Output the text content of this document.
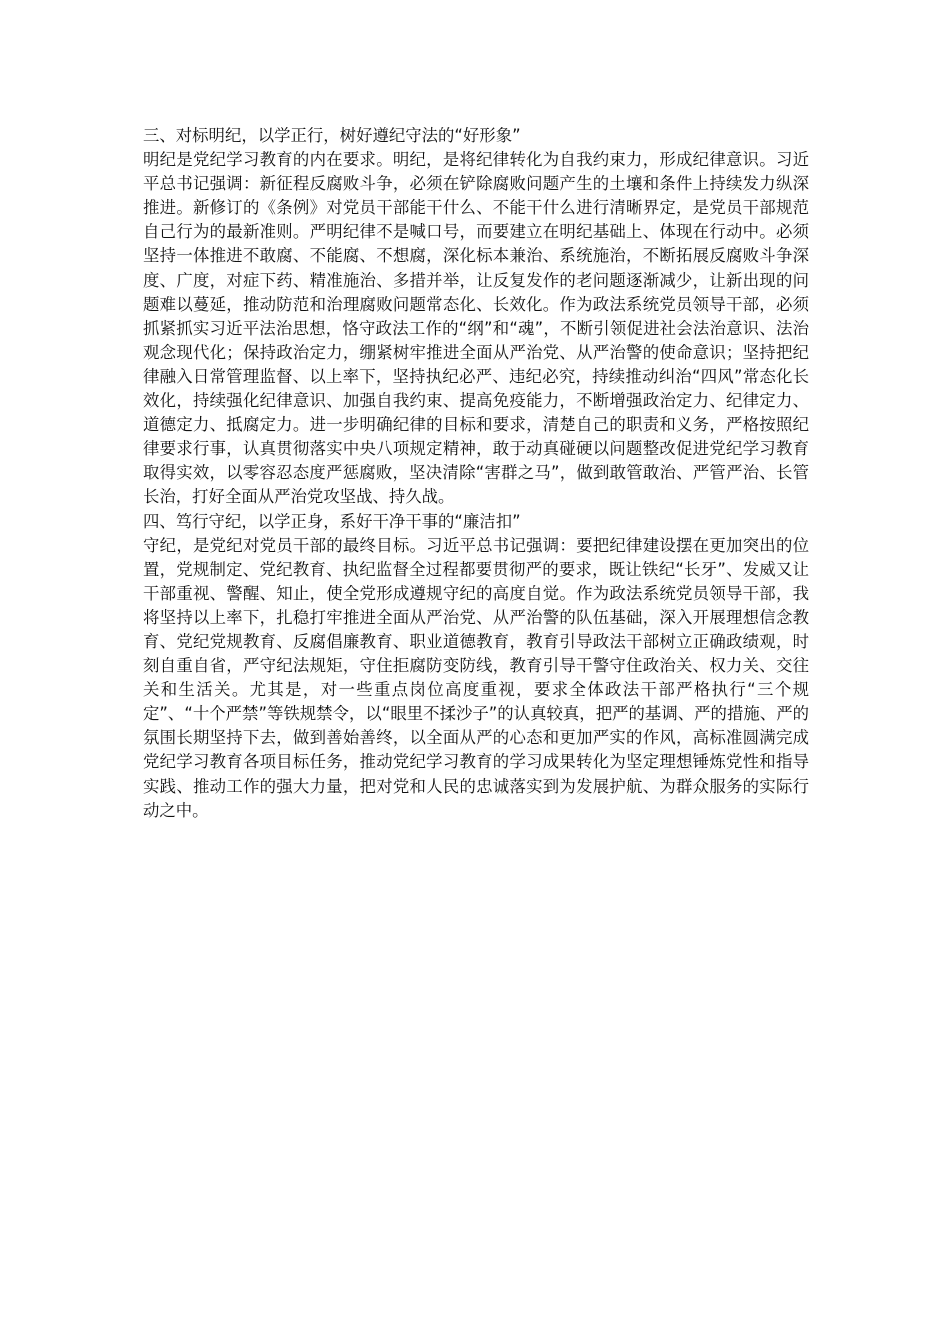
三、对标明纪，以学正行，树好遵纪守法的“好形象”

明纪是党纪学习教育的内在要求。明纪，是将纪律转化为自我约束力，形成纪律意识。习近平总书记强调：新征程反腐败斗争，必须在铲除腐败问题产生的土壤和条件上持续发力纵深推进。新修订的《条例》对党员干部能干什么、不能干什么进行清晰界定，是党员干部规范自己行为的最新准则。严明纪律不是喊口号，而要建立在明纪基础上、体现在行动中。必须坚持一体推进不敢腐、不能腐、不想腐，深化标本兼治、系统施治，不断拓展反腐败斗争深度、广度，对症下药、精准施治、多措并举，让反复发作的老问题逐渐减少，让新出现的问题难以蔓延，推动防范和治理腐败问题常态化、长效化。作为政法系统党员领导干部，必须抓紧抓实习近平法治思想，恪守政法工作的“纲”和“魂”，不断引领促进社会法治意识、法治观念现代化；保持政治定力，绷紧树牢推进全面从严治党、从严治警的使命意识；坚持把纪律融入日常管理监督、以上率下，坚持执纪必严、违纪必究，持续推动纠治“四风”常态化长效化，持续强化纪律意识、加强自我约束、提高免疫能力，不断增强政治定力、纪律定力、道德定力、抵腐定力。进一步明确纪律的目标和要求，清楚自己的职责和义务，严格按照纪律要求行事，认真贯彻落实中央八项规定精神，敢于动真碰硬以问题整改促进党纪学习教育取得实效，以零容忍态度严惩腐败，坚决清除“害群之马”，做到敢管敢治、严管严治、长管长治，打好全面从严治党攻坚战、持久战。

四、笃行守纪，以学正身，系好干净干事的“廉洁扣”

守纪，是党纪对党员干部的最终目标。习近平总书记强调：要把纪律建设摆在更加突出的位置，党规制定、党纪教育、执纪监督全过程都要贯彻严的要求，既让铁纪“长牙”、发威又让干部重视、警醒、知止，使全党形成遵规守纪的高度自觉。作为政法系统党员领导干部，我将坚持以上率下，扎稳打牢推进全面从严治党、从严治警的队伍基础，深入开展理想信念教育、党纪党规教育、反腐倡廉教育、职业道德教育，教育引导政法干部树立正确政绩观，时刻自重自省，严守纪法规矩，守住拒腐防变防线，教育引导干警守住政治关、权力关、交往关和生活关。尤其是，对一些重点岗位高度重视，要求全体政法干部严格执行“三个规定”、“十个严禁”等铁规禁令，以“眼里不揉沙子”的认真较真，把严的基调、严的措施、严的氛围长期坚持下去，做到善始善终，以全面从严的心态和更加严实的作风，高标准圆满完成党纪学习教育各项目标任务，推动党纪学习教育的学习成果转化为坚定理想锤炼党性和指导实践、推动工作的强大力量，把对党和人民的忠诚落实到为发展护航、为群众服务的实际行动之中。
